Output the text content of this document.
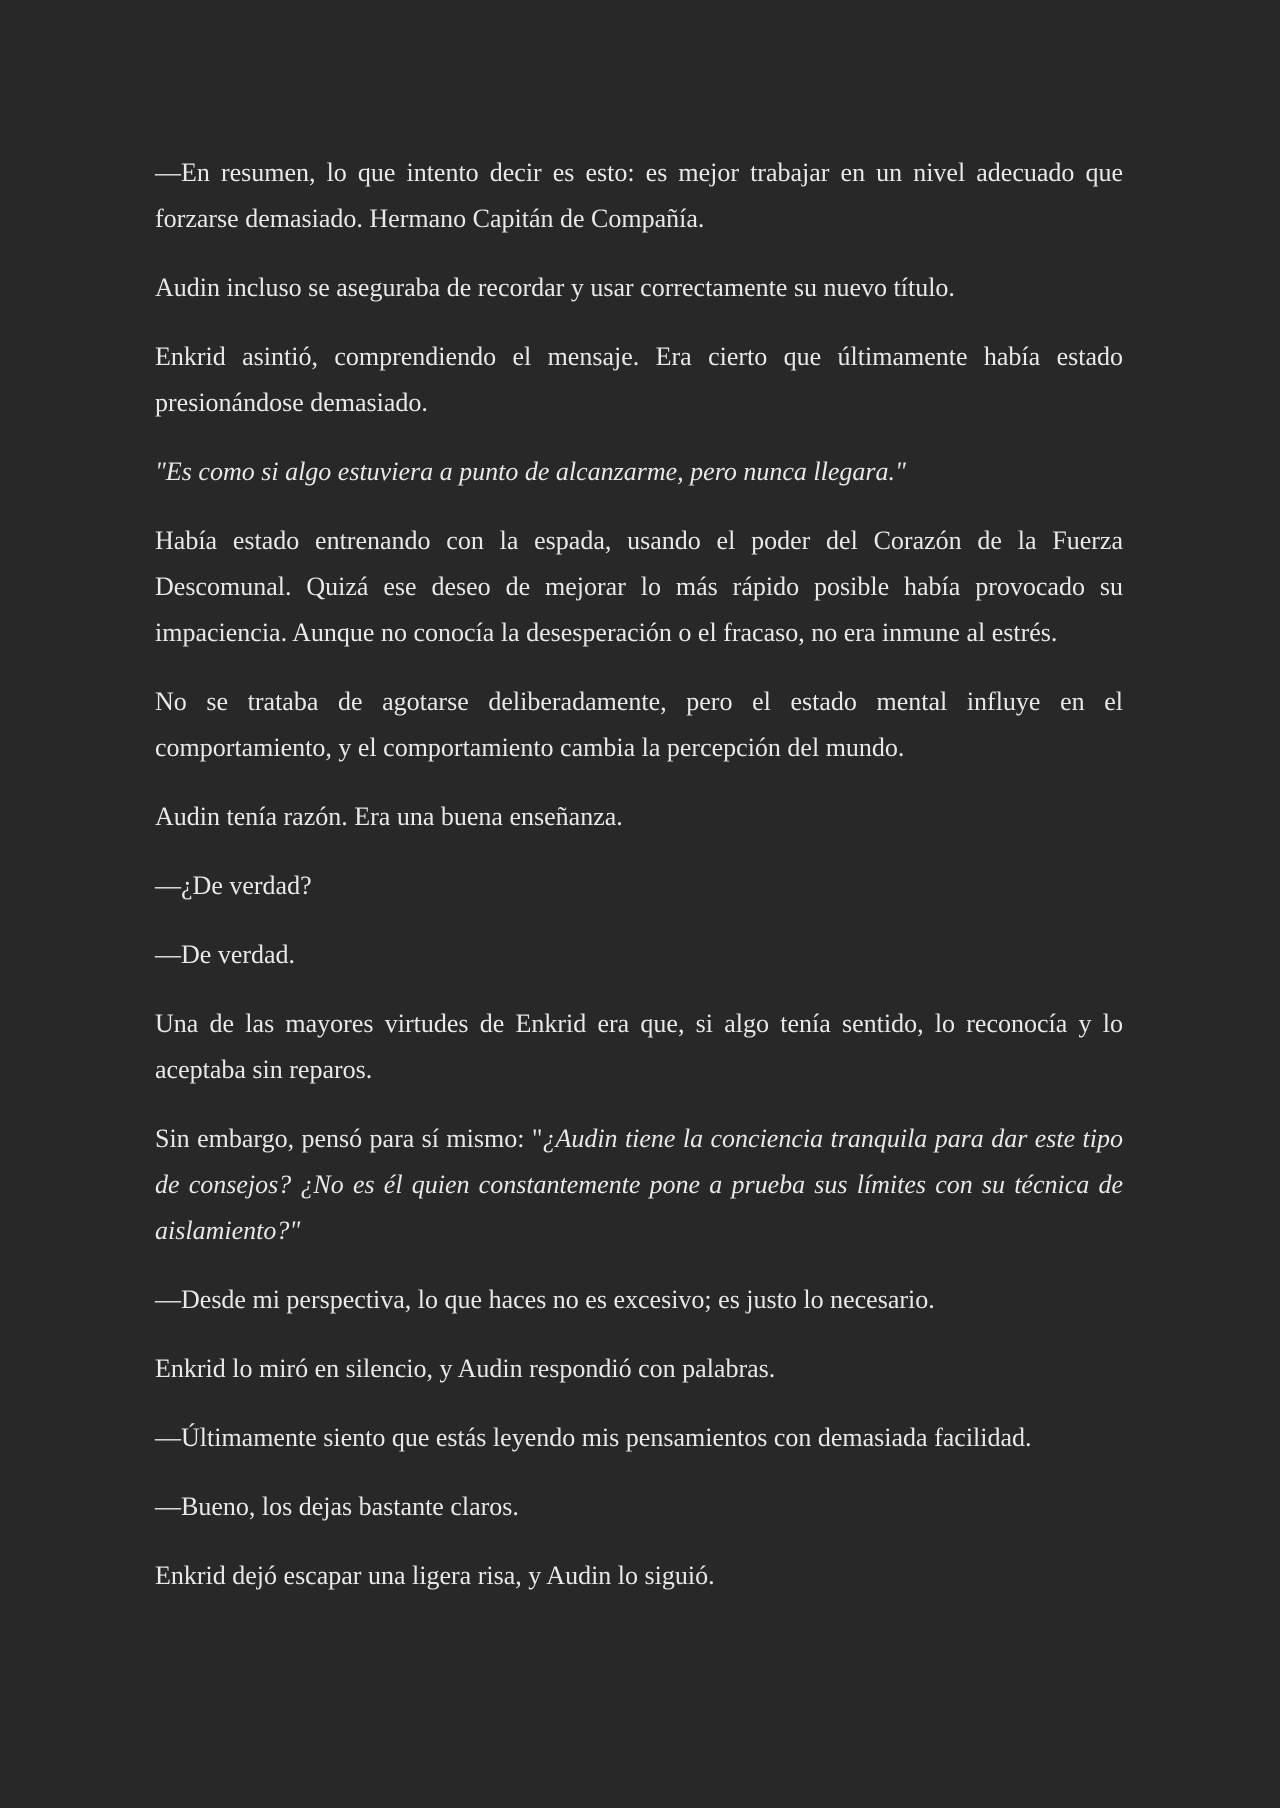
—En resumen, lo que intento decir es esto: es mejor trabajar en un nivel adecuado que forzarse demasiado. Hermano Capitán de Compañía.

Audin incluso se aseguraba de recordar y usar correctamente su nuevo título.

Enkrid asintió, comprendiendo el mensaje. Era cierto que últimamente había estado presionándose demasiado.

"Es como si algo estuviera a punto de alcanzarme, pero nunca llegara."

Había estado entrenando con la espada, usando el poder del Corazón de la Fuerza Descomunal. Quizá ese deseo de mejorar lo más rápido posible había provocado su impaciencia. Aunque no conocía la desesperación o el fracaso, no era inmune al estrés.

No se trataba de agotarse deliberadamente, pero el estado mental influye en el comportamiento, y el comportamiento cambia la percepción del mundo.

Audin tenía razón. Era una buena enseñanza.

—¿De verdad?

—De verdad.

Una de las mayores virtudes de Enkrid era que, si algo tenía sentido, lo reconocía y lo aceptaba sin reparos.

Sin embargo, pensó para sí mismo: "¿Audin tiene la conciencia tranquila para dar este tipo de consejos? ¿No es él quien constantemente pone a prueba sus límites con su técnica de aislamiento?"

—Desde mi perspectiva, lo que haces no es excesivo; es justo lo necesario.

Enkrid lo miró en silencio, y Audin respondió con palabras.

—Últimamente siento que estás leyendo mis pensamientos con demasiada facilidad.

—Bueno, los dejas bastante claros.

Enkrid dejó escapar una ligera risa, y Audin lo siguió.
